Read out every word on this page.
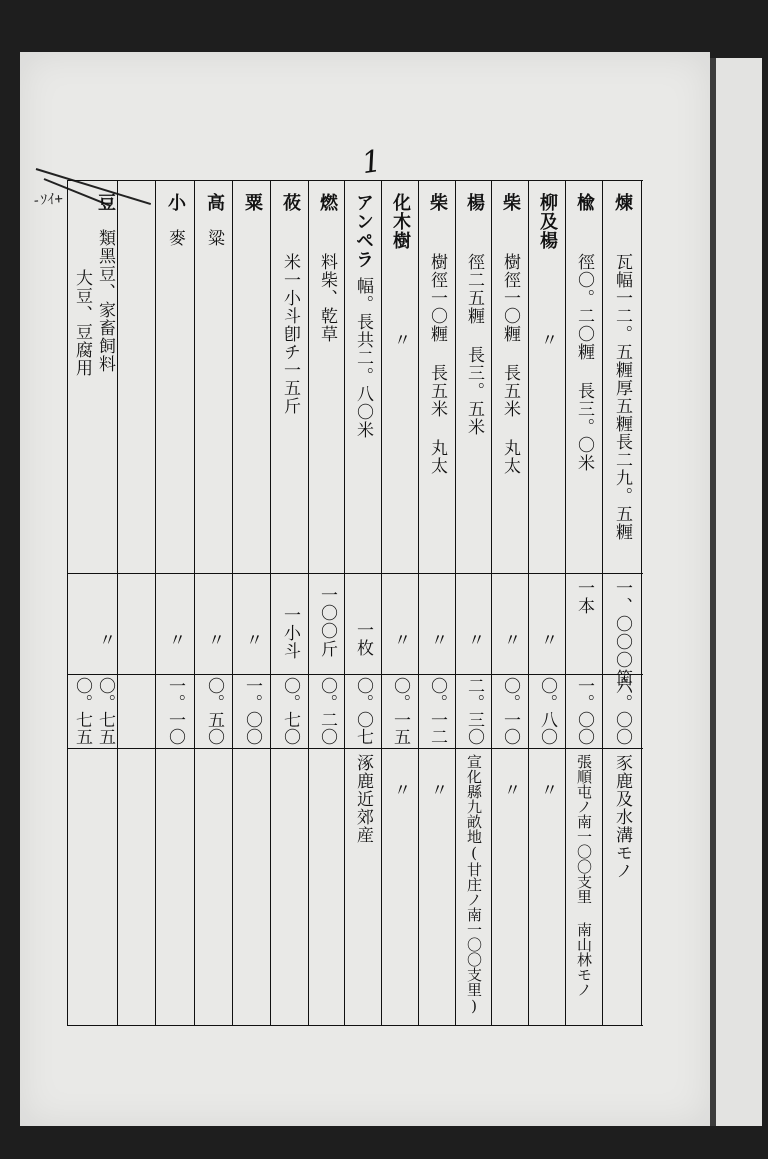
-ｿｲ+
1
煉
瓦幅一二。五糎厚五糎長二九。五糎
一、〇〇〇箇
六。〇〇
豕鹿及水溝モノ
楡
徑〇。二〇糎 長三。〇米
一本
一。〇〇
張順屯ノ南一〇〇支里 南山林モノ
柳及楊
〃
〃
〇。八〇
〃
柴
樹徑一〇糎 長五米 丸太
〃
〇。一〇
〃
楊
徑二五糎 長三。五米
〃
二。三〇
宣化縣九畝地(甘庄ノ南一〇〇支里)
柴
樹徑一〇糎 長五米 丸太
〃
〇。一二
〃
化木樹
〃
〃
〇。一五
〃
アンペラ
幅。長共二。八〇米
一枚
〇。〇七
涿鹿近郊産
燃
料柴、乾草
一〇〇斤
〇。二〇
莜
米一小斗卽チ一五斤
一小斗
〇。七〇
粟
〃
一。〇〇
高
粱
〃
〇。五〇
小
麥
〃
一。一〇
豆
類黑豆、家畜飼料
大豆、豆腐用
〃
〇。七五
〇。七五
